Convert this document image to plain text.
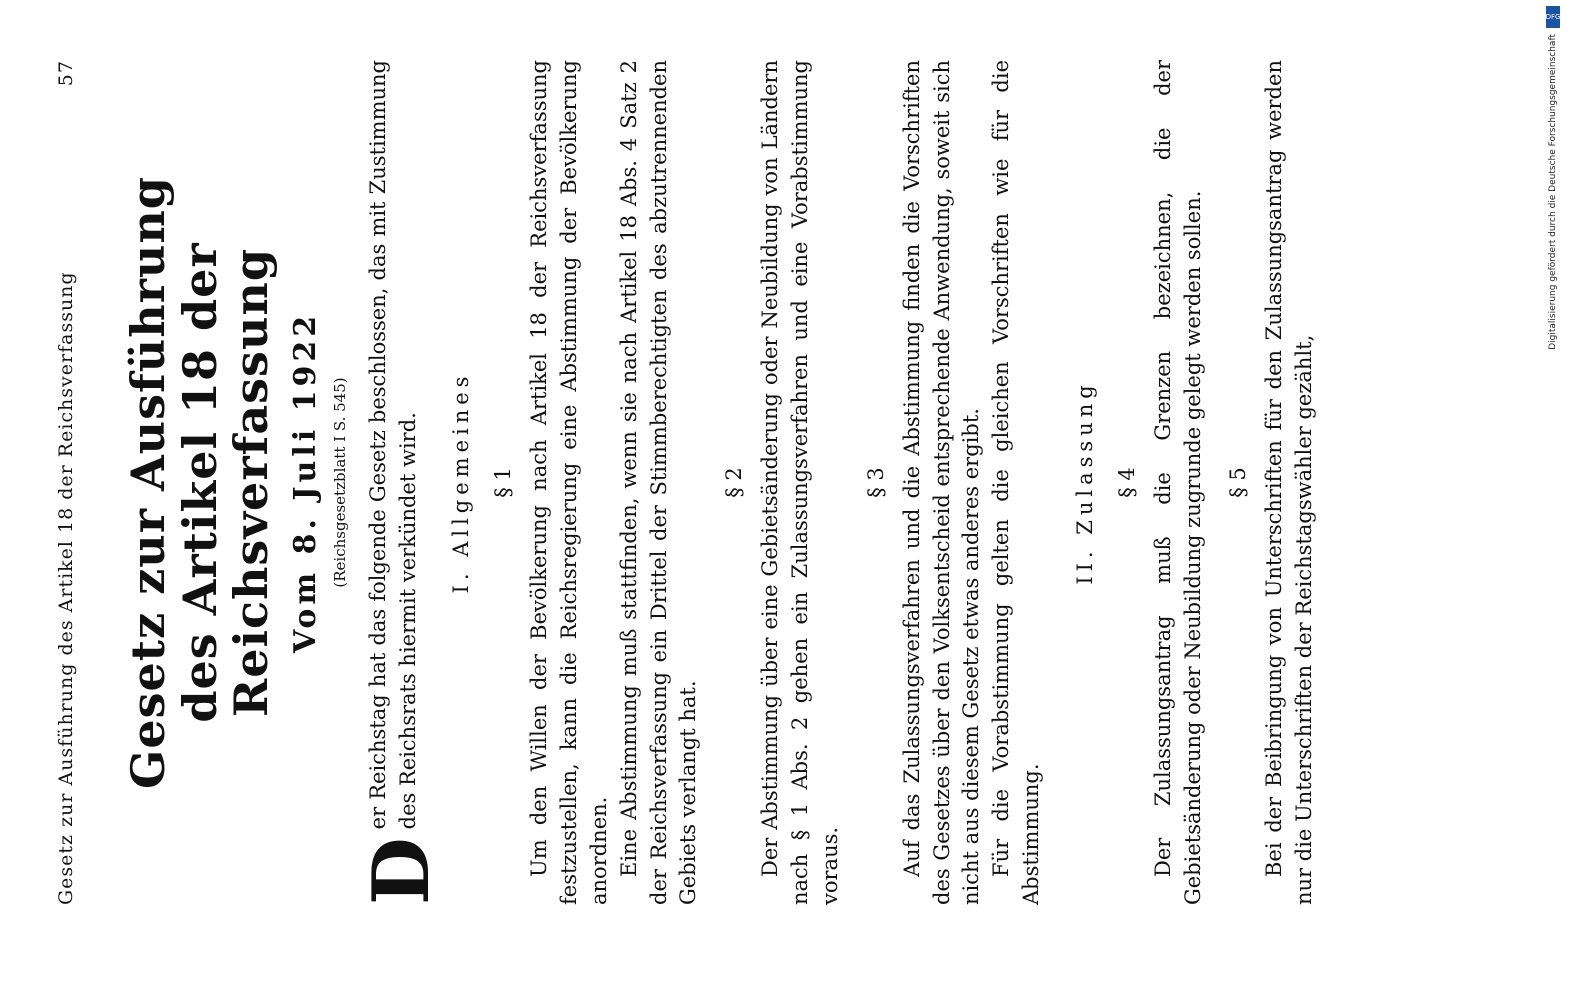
Gesetz zur Ausführung des Artikel 18 der Reichsverfassung
57
Gesetz zur Ausführung
des Artikel 18 der Reichsverfassung Vom 8. Juli 1922 (Reichsgesetzblatt I S. 545)
D
er Reichstag hat das folgende Gesetz beschlossen, das mit Zustimmung des Reichsrats hiermit verkündet wird. I. Allgemeines § 1 Um den Willen der Bevölkerung nach Artikel 18 der Reichsverfassung festzustellen, kann die Reichsregierung eine Abstimmung der Bevölkerung anordnen. Eine Abstimmung muß stattfinden, wenn sie nach Artikel 18 Abs. 4 Satz 2 der Reichsverfassung ein Drittel der Stimmberechtigten des abzutrennenden Gebiets verlangt hat.

§ 2 Der Abstimmung über eine Gebietsänderung oder Neubildung von Ländern nach § 1 Abs. 2 gehen ein Zulassungsverfahren und eine Vorabstimmung voraus.

§ 3 Auf das Zulassungsverfahren und die Abstimmung finden die Vorschriften des Gesetzes über den Volksentscheid entsprechende Anwendung, soweit sich nicht aus diesem Gesetz etwas anderes ergibt. Für die Vorabstimmung gelten die gleichen Vorschriften wie für die Abstimmung.

II. Zulassung § 4 Der Zulassungsantrag muß die Grenzen bezeichnen, die der Gebietsänderung oder Neubildung zugrunde gelegt werden sollen. § 5 Bei der Beibringung von Unterschriften für den Zulassungsantrag werden nur die Unterschriften der Reichstagswähler gezählt,

DFG
Digitalisierung gefördert durch die Deutsche Forschungsgemeinschaft
